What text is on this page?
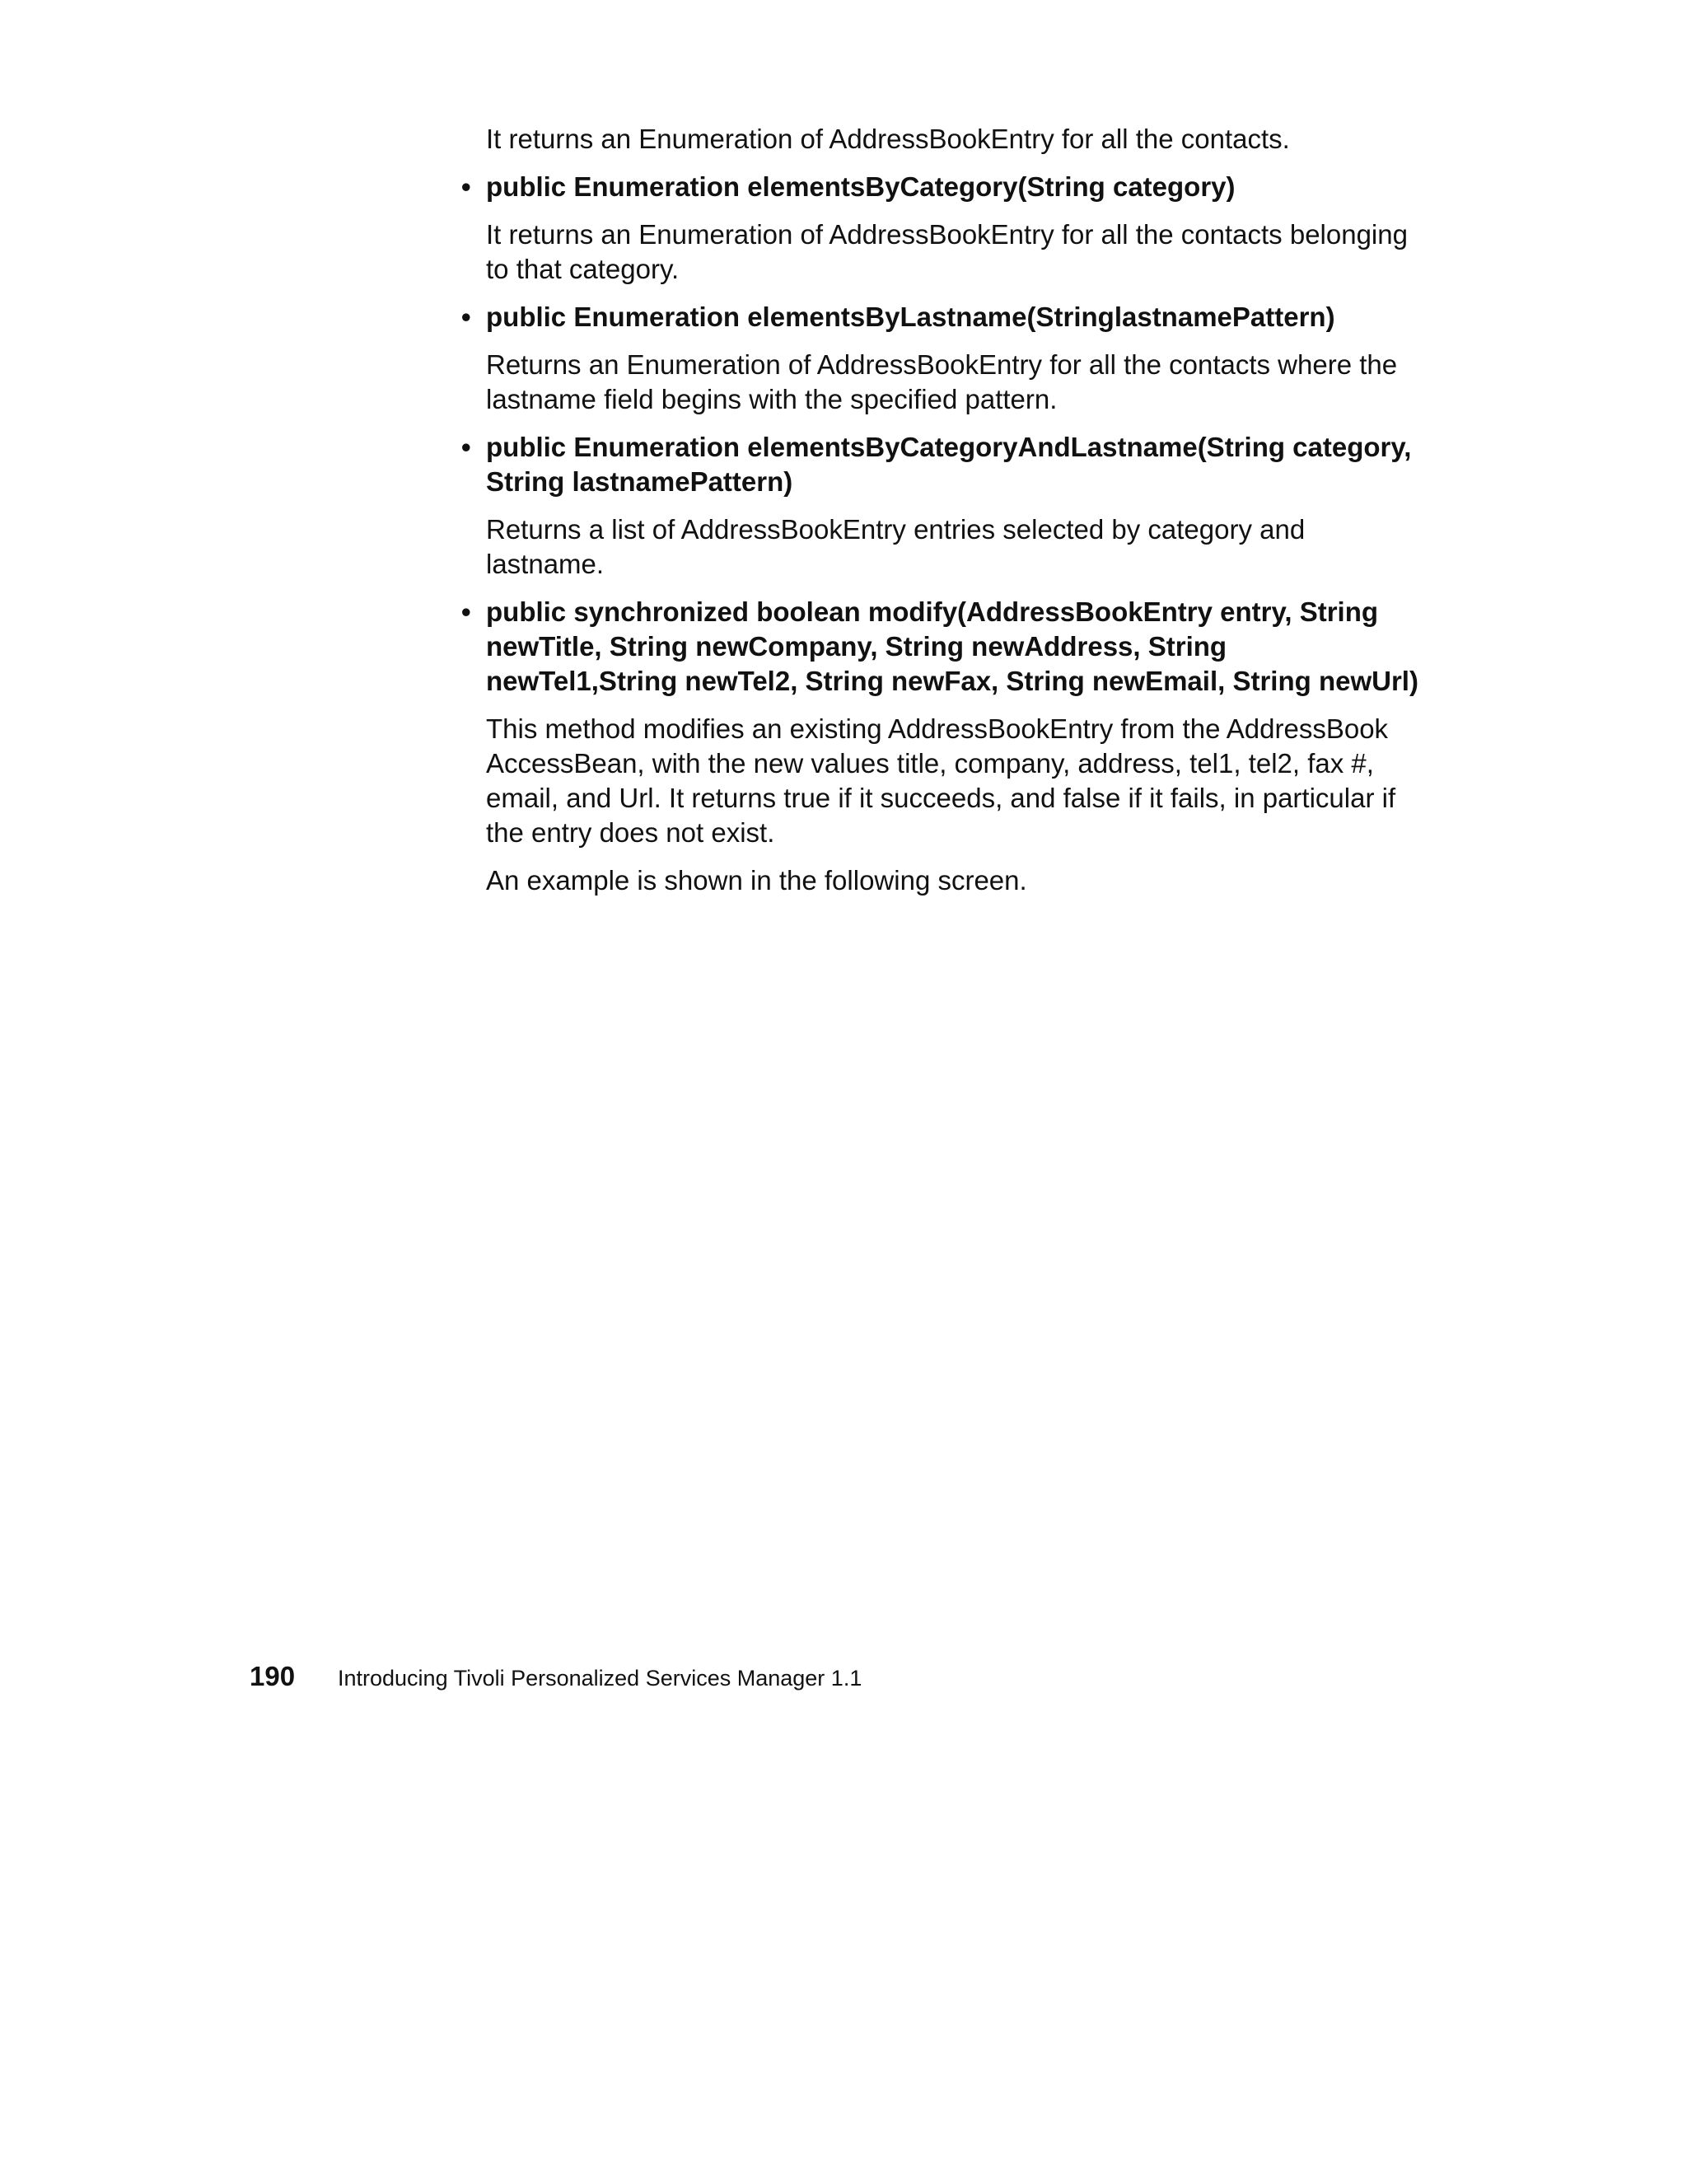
It returns an Enumeration of AddressBookEntry for all the contacts.

• public Enumeration elementsByCategory(String category)

It returns an Enumeration of AddressBookEntry for all the contacts belonging to that category.

• public Enumeration elementsByLastname(StringlastnamePattern)

Returns an Enumeration of AddressBookEntry for all the contacts where the lastname field begins with the specified pattern.

• public Enumeration elementsByCategoryAndLastname(String category, String lastnamePattern)

Returns a list of AddressBookEntry entries selected by category and lastname.

• public synchronized boolean modify(AddressBookEntry entry, String newTitle, String newCompany, String newAddress, String newTel1,String newTel2, String newFax, String newEmail, String newUrl)

This method modifies an existing AddressBookEntry from the AddressBook AccessBean, with the new values title, company, address, tel1, tel2, fax #, email, and Url. It returns true if it succeeds, and false if it fails, in particular if the entry does not exist.

An example is shown in the following screen.

190 Introducing Tivoli Personalized Services Manager 1.1
